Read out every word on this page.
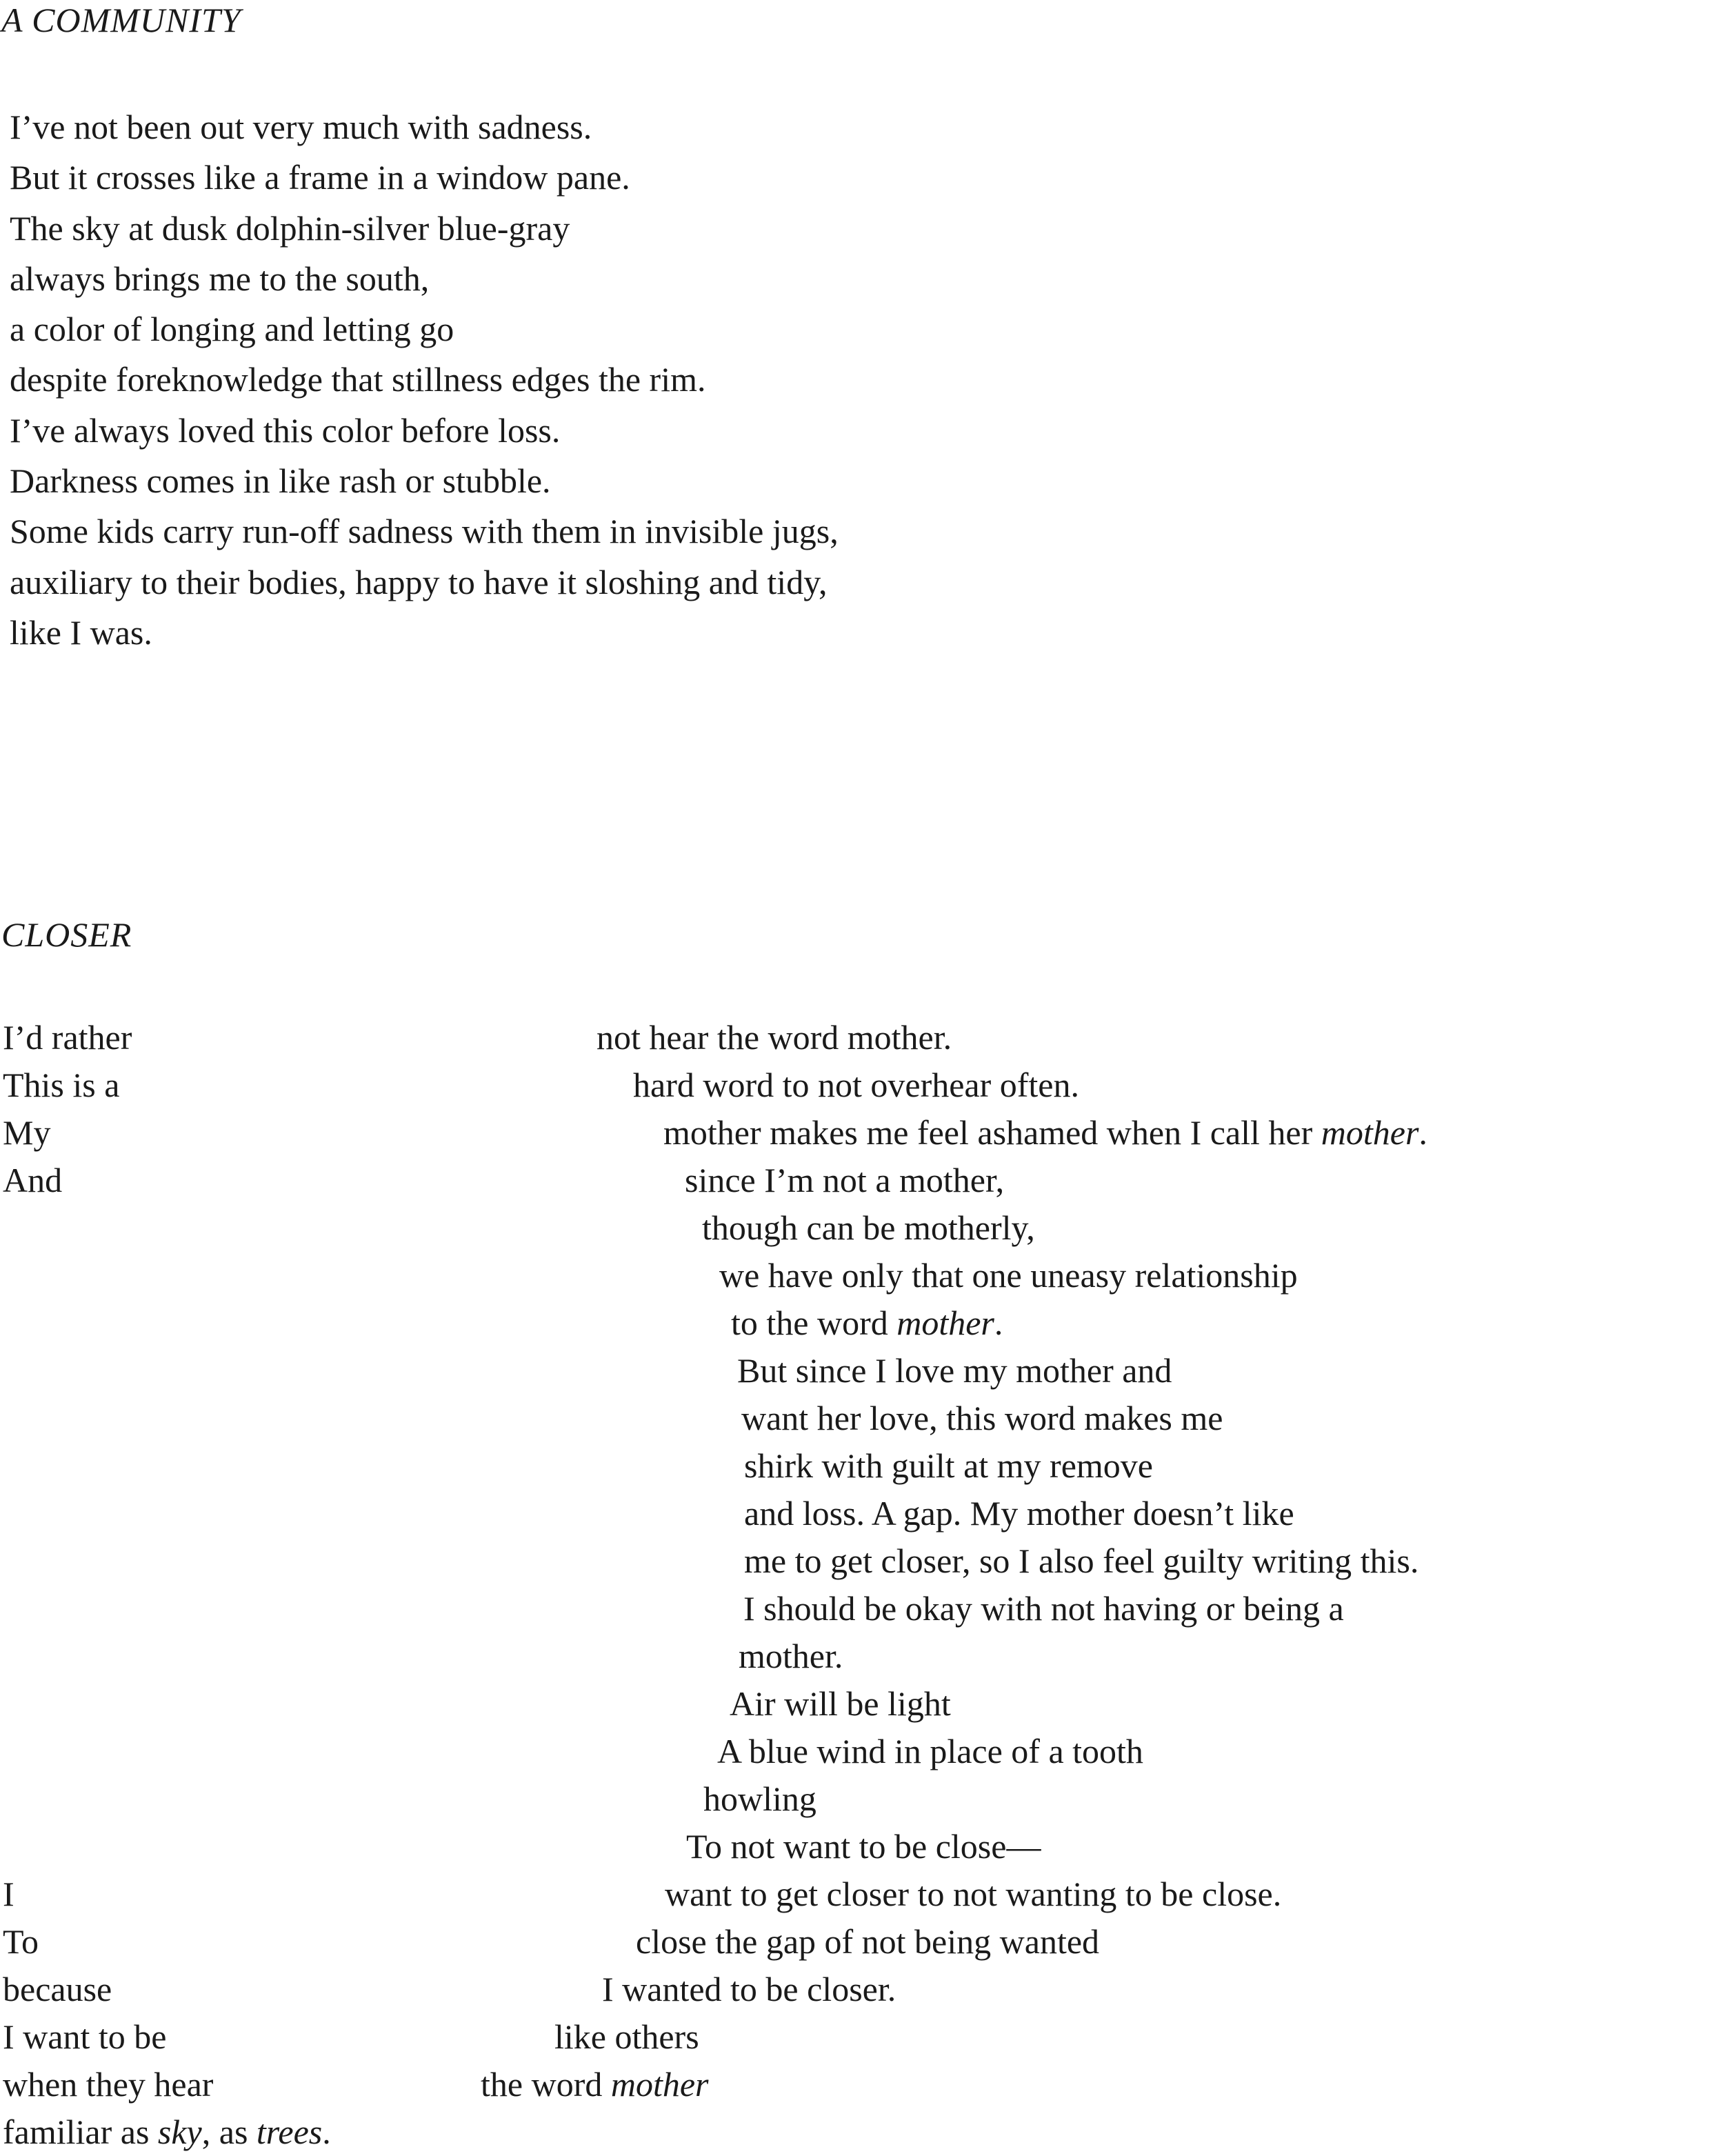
A COMMUNITY
I’ve not been out very much with sadness.
But it crosses like a frame in a window pane.
The sky at dusk dolphin-silver blue-gray
always brings me to the south,
a color of longing and letting go
despite foreknowledge that stillness edges the rim.
I’ve always loved this color before loss.
Darkness comes in like rash or stubble.
Some kids carry run-off sadness with them in invisible jugs,
auxiliary to their bodies, happy to have it sloshing and tidy,
like I was.
CLOSER
I’d rather	not hear the word mother.
This is a	hard word to not overhear often.
My	mother makes me feel ashamed when I call her mother.
And	since I’m not a mother,
though can be motherly,
we have only that one uneasy relationship
to the word mother.
But since I love my mother and
want her love, this word makes me
shirk with guilt at my remove
and loss. A gap. My mother doesn’t like
me to get closer, so I also feel guilty writing this.
I should be okay with not having or being a
mother.
Air will be light
A blue wind in place of a tooth
howling
To not want to be close—
I	want to get closer to not wanting to be close.
To	close the gap of not being wanted
because	I wanted to be closer.
I want to be	like others
when they hear	the word mother
familiar as sky, as trees.
